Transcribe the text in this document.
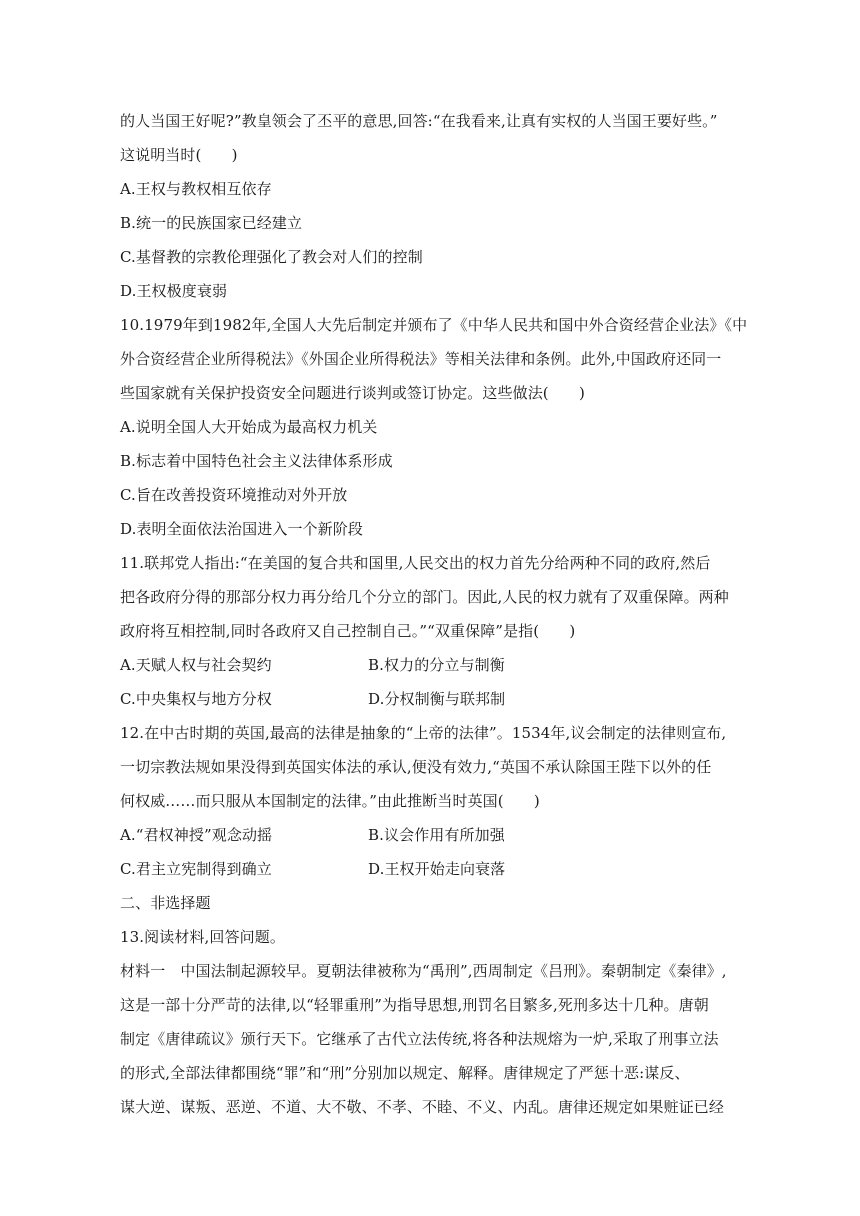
的人当国王好呢?”教皇领会了丕平的意思,回答:“在我看来,让真有实权的人当国王要好些。”
这说明当时(　　)
A.王权与教权相互依存
B.统一的民族国家已经建立
C.基督教的宗教伦理强化了教会对人们的控制
D.王权极度衰弱
10.1979年到1982年,全国人大先后制定并颁布了《中华人民共和国中外合资经营企业法》《中
外合资经营企业所得税法》《外国企业所得税法》等相关法律和条例。此外,中国政府还同一
些国家就有关保护投资安全问题进行谈判或签订协定。这些做法(　　)
A.说明全国人大开始成为最高权力机关
B.标志着中国特色社会主义法律体系形成
C.旨在改善投资环境推动对外开放
D.表明全面依法治国进入一个新阶段
11.联邦党人指出:“在美国的复合共和国里,人民交出的权力首先分给两种不同的政府,然后
把各政府分得的那部分权力再分给几个分立的部门。因此,人民的权力就有了双重保障。两种
政府将互相控制,同时各政府又自己控制自己。”“双重保障”是指(　　)
A.天赋人权与社会契约	B.权力的分立与制衡
C.中央集权与地方分权	D.分权制衡与联邦制
12.在中古时期的英国,最高的法律是抽象的“上帝的法律”。1534年,议会制定的法律则宣布,
一切宗教法规如果没得到英国实体法的承认,便没有效力,“英国不承认除国王陛下以外的任
何权威……而只服从本国制定的法律。”由此推断当时英国(　　)
A.“君权神授”观念动摇	B.议会作用有所加强
C.君主立宪制得到确立	D.王权开始走向衰落
二、非选择题
13.阅读材料,回答问题。
材料一　中国法制起源较早。夏朝法律被称为“禹刑”,西周制定《吕刑》。秦朝制定《秦律》,
这是一部十分严苛的法律,以“轻罪重刑”为指导思想,刑罚名目繁多,死刑多达十几种。唐朝
制定《唐律疏议》颁行天下。它继承了古代立法传统,将各种法规熔为一炉,采取了刑事立法
的形式,全部法律都围绕“罪”和“刑”分别加以规定、解释。唐律规定了严惩十恶:谋反、
谋大逆、谋叛、恶逆、不道、大不敬、不孝、不睦、不义、内乱。唐律还规定如果赃证已经
